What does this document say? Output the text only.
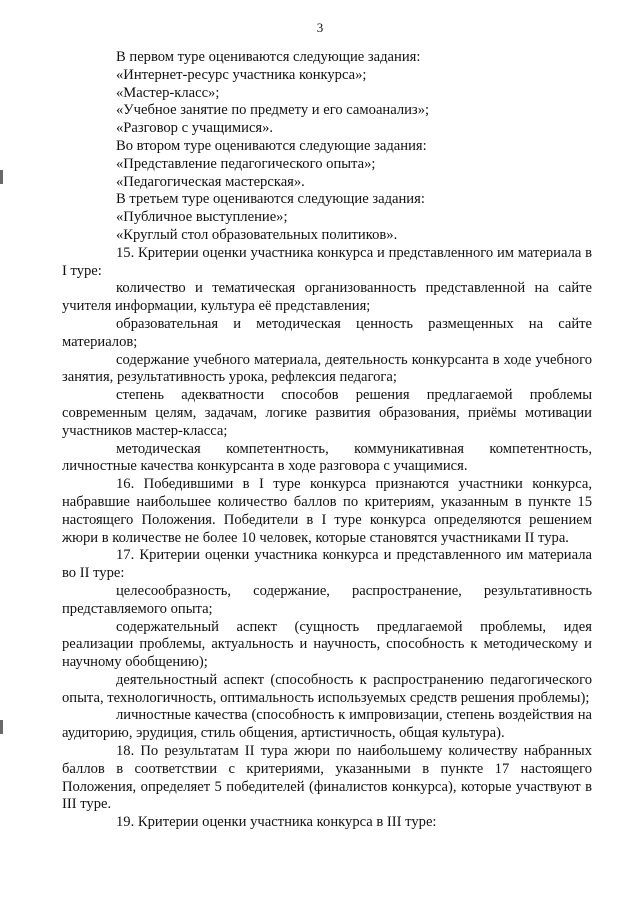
3

В первом туре оцениваются следующие задания:

«Интернет-ресурс участника конкурса»;

«Мастер-класс»;

«Учебное занятие по предмету и его самоанализ»;

«Разговор с учащимися».

Во втором туре оцениваются следующие задания:

«Представление педагогического опыта»;

«Педагогическая мастерская».

В третьем туре оцениваются следующие задания:

«Публичное выступление»;

«Круглый стол образовательных политиков».

15. Критерии оценки участника конкурса и представленного им материала в I туре:

количество и тематическая организованность представленной на сайте учителя информации, культура её представления;

образовательная и методическая ценность размещенных на сайте материалов;

содержание учебного материала, деятельность конкурсанта в ходе учебного занятия, результативность урока, рефлексия педагога;

степень адекватности способов решения предлагаемой проблемы современным целям, задачам, логике развития образования, приёмы мотивации участников мастер-класса;

методическая компетентность, коммуникативная компетентность, личностные качества конкурсанта в ходе разговора с учащимися.

16. Победившими в I туре конкурса признаются участники конкурса, набравшие наибольшее количество баллов по критериям, указанным в пункте 15 настоящего Положения. Победители в I туре конкурса определяются решением жюри в количестве не более 10 человек, которые становятся участниками II тура.

17. Критерии оценки участника конкурса и представленного им материала во II туре:

целесообразность, содержание, распространение, результативность представляемого опыта;

содержательный аспект (сущность предлагаемой проблемы, идея реализации проблемы, актуальность и научность, способность к методическому и научному обобщению);

деятельностный аспект (способность к распространению педагогического опыта, технологичность, оптимальность используемых средств решения проблемы);

личностные качества (способность к импровизации, степень воздействия на аудиторию, эрудиция, стиль общения, артистичность, общая культура).

18. По результатам II тура жюри по наибольшему количеству набранных баллов в соответствии с критериями, указанными в пункте 17 настоящего Положения, определяет 5 победителей (финалистов конкурса), которые участвуют в III туре.

19. Критерии оценки участника конкурса в III туре:
